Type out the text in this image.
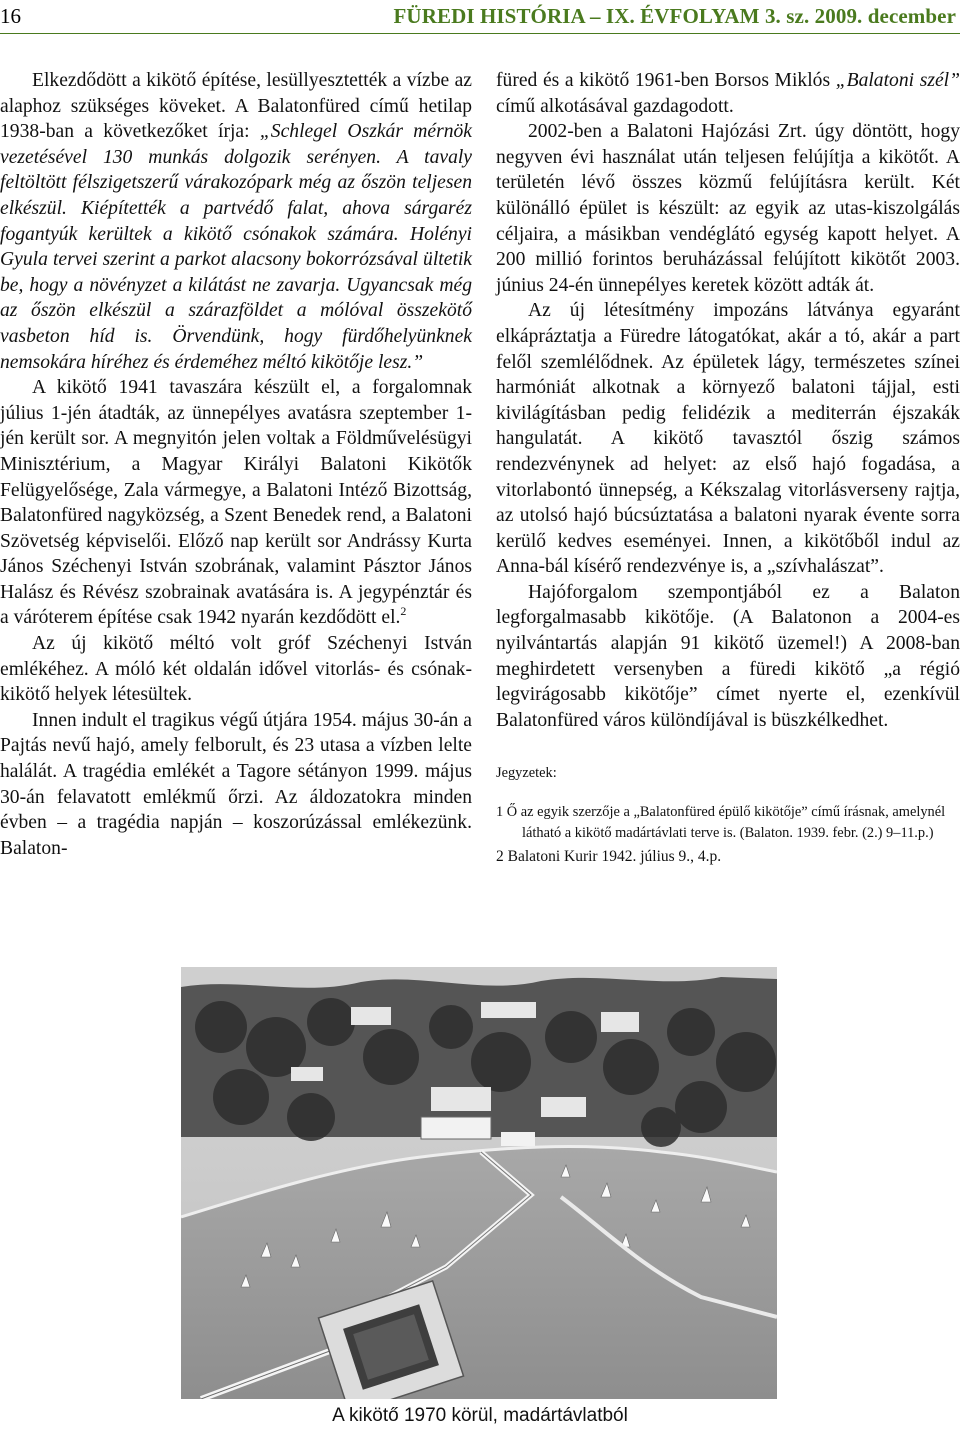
16	FÜREDI HISTÓRIA – IX. ÉVFOLYAM 3. sz. 2009. december

Elkezdődött a kikötő építése, lesüllyesztették a vízbe az alaphoz szükséges köveket. A Balatonfüred című hetilap 1938-ban a következőket írja: „Schlegel Oszkár mérnök vezetésével 130 munkás dolgozik serényen. A tavaly feltöltött félszigetszerű várakozópark még az őszön teljesen elkészül. Kiépítették a partvédő falat, ahova sárgaréz fogantyúk kerültek a kikötő csónakok számára. Holényi Gyula tervei szerint a parkot alacsony bokorrózsával ültetik be, hogy a növényzet a kilátást ne zavarja. Ugyancsak még az őszön elkészül a szárazföldet a mólóval összekötő vasbeton híd is. Örvendünk, hogy fürdőhelyünknek nemsokára híréhez és érdeméhez méltó kikötője lesz.”

A kikötő 1941 tavaszára készült el, a forgalomnak július 1-jén átadták, az ünnepélyes avatásra szeptember 1-jén került sor. A megnyitón jelen voltak a Földművelésügyi Minisztérium, a Magyar Királyi Balatoni Kikötők Felügyelősége, Zala vármegye, a Balatoni Intéző Bizottság, Balatonfüred nagyközség, a Szent Benedek rend, a Balatoni Szövetség képviselői. Előző nap került sor Andrássy Kurta János Széchenyi István szobrának, valamint Pásztor János Halász és Révész szobrainak avatására is. A jegypénztár és a váróterem építése csak 1942 nyarán kezdődött el.$^2$

Az új kikötő méltó volt gróf Széchenyi István emlékéhez. A móló két oldalán idővel vitorlás- és csónak-kikötő helyek létesültek.

Innen indult el tragikus végű útjára 1954. május 30-án a Pajtás nevű hajó, amely felborult, és 23 utasa a vízben lelte halálát. A tragédia emlékét a Tagore sétányon 1999. május 30-án felavatott emlékmű őrzi. Az áldozatokra minden évben – a tragédia napján – koszorúzással emlékezünk. Balaton-

füred és a kikötő 1961-ben Borsos Miklós „Balatoni szél” című alkotásával gazdagodott.

2002-ben a Balatoni Hajózási Zrt. úgy döntött, hogy negyven évi használat után teljesen felújítja a kikötőt. A területén lévő összes közmű felújításra került. Két különálló épület is készült: az egyik az utas-kiszolgálás céljaira, a másikban vendéglátó egység kapott helyet. A 200 millió forintos beruházással felújított kikötőt 2003. június 24-én ünnepélyes keretek között adták át.

Az új létesítmény impozáns látványa egyaránt elkápráztatja a Füredre látogatókat, akár a tó, akár a part felől szemlélődnek. Az épületek lágy, természetes színei harmóniát alkotnak a környező balatoni tájjal, esti kivilágításban pedig felidézik a mediterrán éjszakák hangulatát. A kikötő tavasztól őszig számos rendezvénynek ad helyet: az első hajó fogadása, a vitorlabontó ünnepség, a Kékszalag vitorlásverseny rajtja, az utolsó hajó búcsúztatása a balatoni nyarak évente sorra kerülő kedves eseményei. Innen, a kikötőből indul az Anna-bál kísérő rendezvénye is, a „szívhalászat”.

Hajóforgalom szempontjából ez a Balaton legforgalmasabb kikötője. (A Balatonon a 2004-es nyilvántartás alapján 91 kikötő üzemel!) A 2008-ban meghirdetett versenyben a füredi kikötő „a régió legvirágosabb kikötője” címet nyerte el, ezenkívül Balatonfüred város különdíjával is büszkélkedhet.

Jegyzetek:
1 Ő az egyik szerzője a „Balatonfüred épülő kikötője” című írásnak, amelynél látható a kikötő madártávlati terve is. (Balaton. 1939. febr. (2.) 9–11.p.)
2 Balatoni Kurir 1942. július 9., 4.p.
A kikötő 1970 körül, madártávlatból
